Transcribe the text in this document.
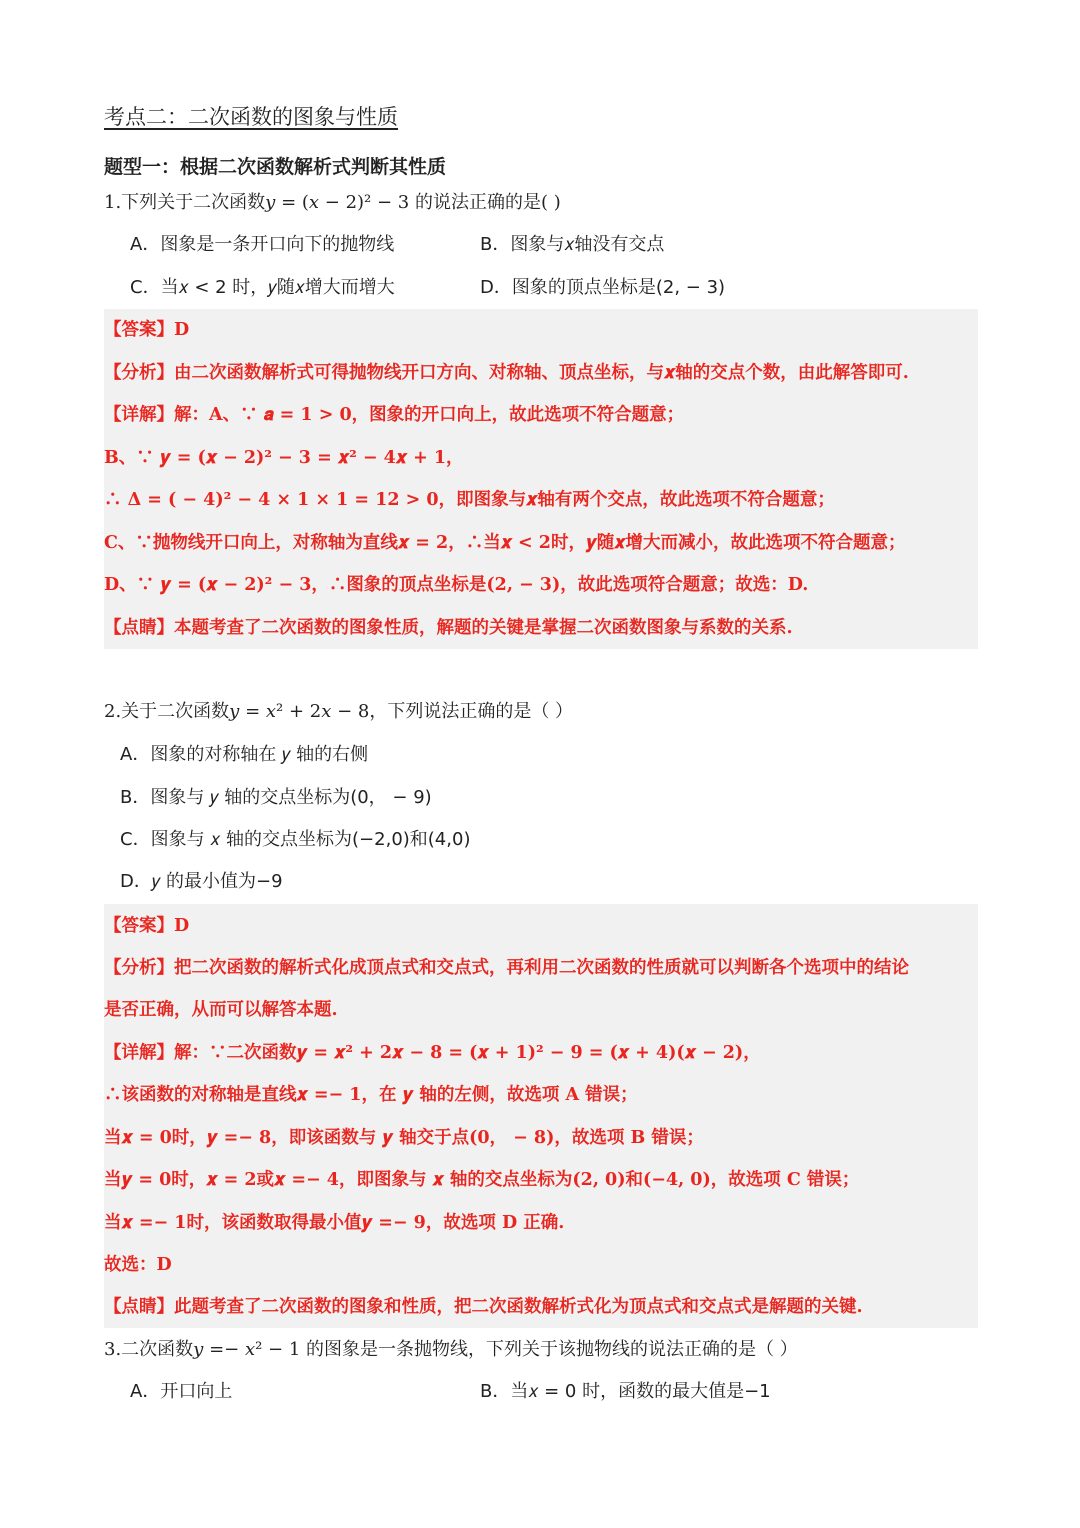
考点二：二次函数的图象与性质
题型一：根据二次函数解析式判断其性质
1.下列关于二次函数𝑦 = (𝑥 − 2)² − 3 的说法正确的是( )
A．图象是一条开口向下的抛物线	B．图象与𝑥轴没有交点
C．当𝑥 < 2 时，𝑦随𝑥增大而增大	D．图象的顶点坐标是(2, − 3)
【答案】D
【分析】由二次函数解析式可得抛物线开口方向、对称轴、顶点坐标，与𝒙轴的交点个数，由此解答即可.
【详解】解：A、∵ 𝒂 = 𝟏 > 𝟎，图象的开口向上，故此选项不符合题意；
B、∵ 𝒚 = (𝒙 − 𝟐)² − 𝟑 = 𝒙² − 𝟒𝒙 + 𝟏，
∴ 𝚫 = ( − 𝟒)² − 𝟒 × 𝟏 × 𝟏 = 𝟏𝟐 > 𝟎，即图象与𝒙轴有两个交点，故此选项不符合题意；
C、∵抛物线开口向上，对称轴为直线𝒙 = 𝟐，∴当𝒙 < 𝟐时，𝒚随𝒙增大而减小，故此选项不符合题意；
D、∵ 𝒚 = (𝒙 − 𝟐)² − 𝟑，∴图象的顶点坐标是(𝟐, − 𝟑)，故此选项符合题意；故选：D.
【点睛】本题考查了二次函数的图象性质，解题的关键是掌握二次函数图象与系数的关系.
2.关于二次函数𝑦 = 𝑥² + 2𝑥 − 8，下列说法正确的是（ ）
A．图象的对称轴在 𝑦 轴的右侧
B．图象与 𝑦 轴的交点坐标为(0， − 9)
C．图象与 𝑥 轴的交点坐标为(−2,0)和(4,0)
D．𝑦 的最小值为−9
【答案】D
【分析】把二次函数的解析式化成顶点式和交点式，再利用二次函数的性质就可以判断各个选项中的结论
是否正确，从而可以解答本题.
【详解】解：∵二次函数𝒚 = 𝒙² + 𝟐𝒙 − 𝟖 = (𝒙 + 𝟏)² − 𝟗 = (𝒙 + 𝟒)(𝒙 − 𝟐)，
∴该函数的对称轴是直线𝒙 =− 𝟏，在 𝒚 轴的左侧，故选项 A 错误；
当𝒙 = 𝟎时，𝒚 =− 𝟖，即该函数与 𝒚 轴交于点(𝟎， − 𝟖)，故选项 B 错误；
当𝒚 = 𝟎时，𝒙 = 𝟐或𝒙 =− 𝟒，即图象与 𝒙 轴的交点坐标为(𝟐, 𝟎)和(−𝟒, 𝟎)，故选项 C 错误；
当𝒙 =− 𝟏时，该函数取得最小值𝒚 =− 𝟗，故选项 D 正确.
故选：D
【点睛】此题考查了二次函数的图象和性质，把二次函数解析式化为顶点式和交点式是解题的关键.
3.二次函数𝑦 =− 𝑥² − 1 的图象是一条抛物线，下列关于该抛物线的说法正确的是（ ）
A．开口向上	B．当𝑥 = 0 时，函数的最大值是−1
